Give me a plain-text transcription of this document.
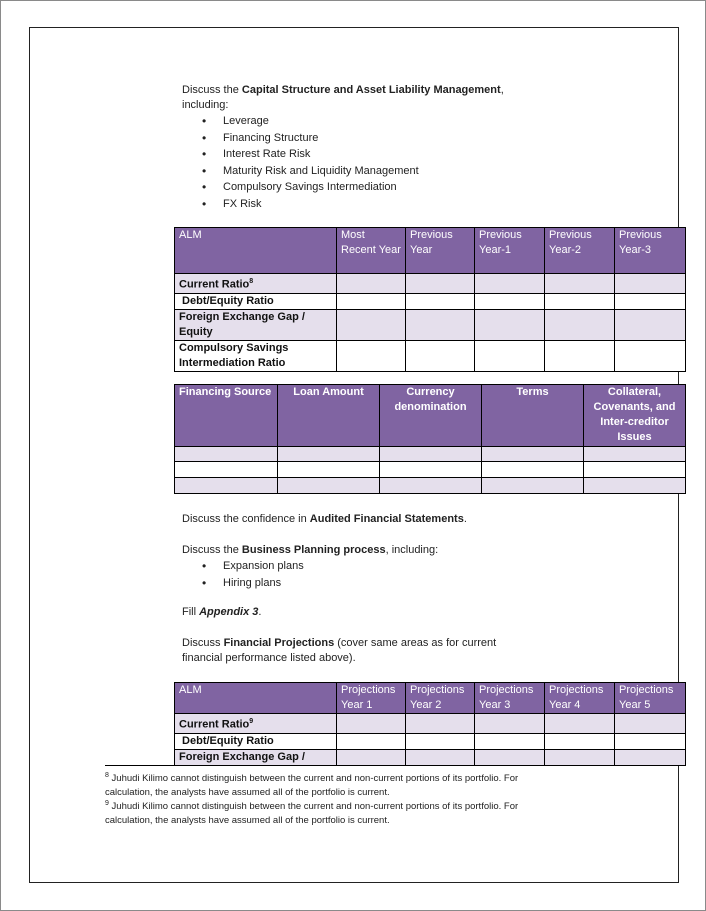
Discuss the Capital Structure and Asset Liability Management,
including:
• Leverage
• Financing Structure
• Interest Rate Risk
• Maturity Risk and Liquidity Management
• Compulsory Savings Intermediation
• FX Risk
ALM	Most Recent Year	Previous Year	Previous Year-1	Previous Year-2	Previous Year-3
Current Ratio$^8$					
Debt/Equity Ratio					
Foreign Exchange Gap / Equity					
Compulsory Savings Intermediation Ratio					
Financing Source	Loan Amount	Currency denomination	Terms	Collateral, Covenants, and Inter-creditor Issues

Discuss the confidence in Audited Financial Statements.
Discuss the Business Planning process, including:
• Expansion plans
• Hiring plans
Fill Appendix 3.
Discuss Financial Projections (cover same areas as for current
financial performance listed above).
ALM	Projections Year 1	Projections Year 2	Projections Year 3	Projections Year 4	Projections Year 5
Current Ratio$^9$					
Debt/Equity Ratio					
Foreign Exchange Gap /					
$^8$ Juhudi Kilimo cannot distinguish between the current and non-current portions of its portfolio. For
calculation, the analysts have assumed all of the portfolio is current.
$^9$ Juhudi Kilimo cannot distinguish between the current and non-current portions of its portfolio. For
calculation, the analysts have assumed all of the portfolio is current.
